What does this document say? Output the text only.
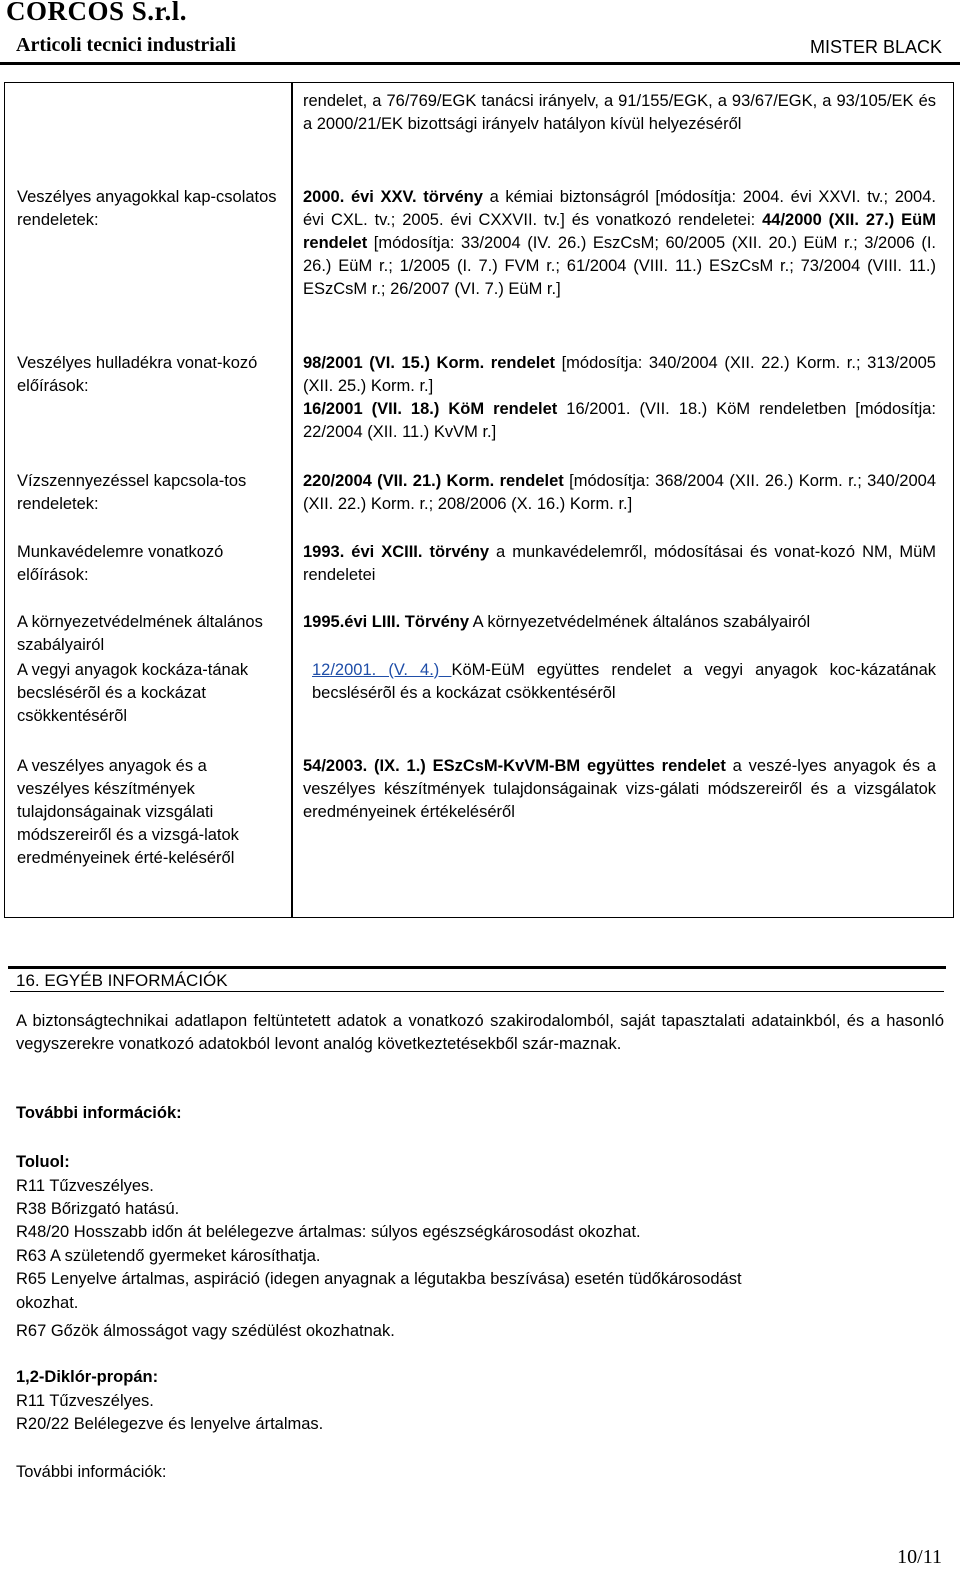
CORCOS S.r.l.
Articoli tecnici industriali	MISTER BLACK
rendelet, a 76/769/EGK tanácsi irányelv, a 91/155/EGK, a 93/67/EGK, a 93/105/EK és a 2000/21/EK bizottsági irányelv hatályon kívül helyezéséről
Veszélyes anyagokkal kap-csolatos rendeletek:
2000. évi XXV. törvény a kémiai biztonságról [módosítja: 2004. évi XXVI. tv.; 2004. évi CXL. tv.; 2005. évi CXXVII. tv.] és vonatkozó rendeletei: 44/2000 (XII. 27.) EüM rendelet [módosítja: 33/2004 (IV. 26.) EszCsM; 60/2005 (XII. 20.) EüM r.; 3/2006 (I. 26.) EüM r.; 1/2005 (I. 7.) FVM r.; 61/2004 (VIII. 11.) ESzCsM r.; 73/2004 (VIII. 11.) ESzCsM r.; 26/2007 (VI. 7.) EüM r.]
Veszélyes hulladékra vonat-kozó előírások:
98/2001 (VI. 15.) Korm. rendelet [módosítja: 340/2004 (XII. 22.) Korm. r.; 313/2005 (XII. 25.) Korm. r.]
16/2001 (VII. 18.) KöM rendelet 16/2001. (VII. 18.) KöM rendeletben [módosítja: 22/2004 (XII. 11.) KvVM r.]
Vízszennyezéssel kapcsola-tos rendeletek:
220/2004 (VII. 21.) Korm. rendelet [módosítja: 368/2004 (XII. 26.) Korm. r.; 340/2004 (XII. 22.) Korm. r.; 208/2006 (X. 16.) Korm. r.]
Munkavédelemre vonatkozó előírások:
1993. évi XCIII. törvény a munkavédelemről, módosításai és vonat-kozó NM, MüM rendeletei
A környezetvédelmének általános szabályairól
1995.évi LIII. Törvény A környezetvédelmének általános szabályairól
A vegyi anyagok kockáza-tának becslésérõl és a kockázat csökkentésérõl
12/2001. (V. 4.) KöM-EüM együttes rendelet a vegyi anyagok koc-kázatának becslésérõl és a kockázat csökkentésérõl
A veszélyes anyagok és a veszélyes készítmények tulajdonságainak vizsgálati módszereiről és a vizsgá-latok eredményeinek érté-keléséről
54/2003. (IX. 1.) ESzCsM-KvVM-BM együttes rendelet a veszé-lyes anyagok és a veszélyes készítmények tulajdonságainak vizs-gálati módszereiről és a vizsgálatok eredményeinek értékeléséről
16. EGYÉB INFORMÁCIÓK
A biztonságtechnikai adatlapon feltüntetett adatok a vonatkozó szakirodalomból, saját tapasztalati adatainkból, és a hasonló vegyszerekre vonatkozó adatokból levont analóg következtetésekből szár-maznak.
További információk:
Toluol:
R11 Tűzveszélyes.
R38 Bőrizgató hatású.
R48/20 Hosszabb időn át belélegezve ártalmas: súlyos egészségkárosodást okozhat.
R63 A születendő gyermeket károsíthatja.
R65 Lenyelve ártalmas, aspiráció (idegen anyagnak a légutakba beszívása) esetén tüdőkárosodást
okozhat.
R67 Gőzök álmosságot vagy szédülést okozhatnak.
1,2-Diklór-propán:
R11 Tűzveszélyes.
R20/22 Belélegezve és lenyelve ártalmas.
További információk:
10/11
